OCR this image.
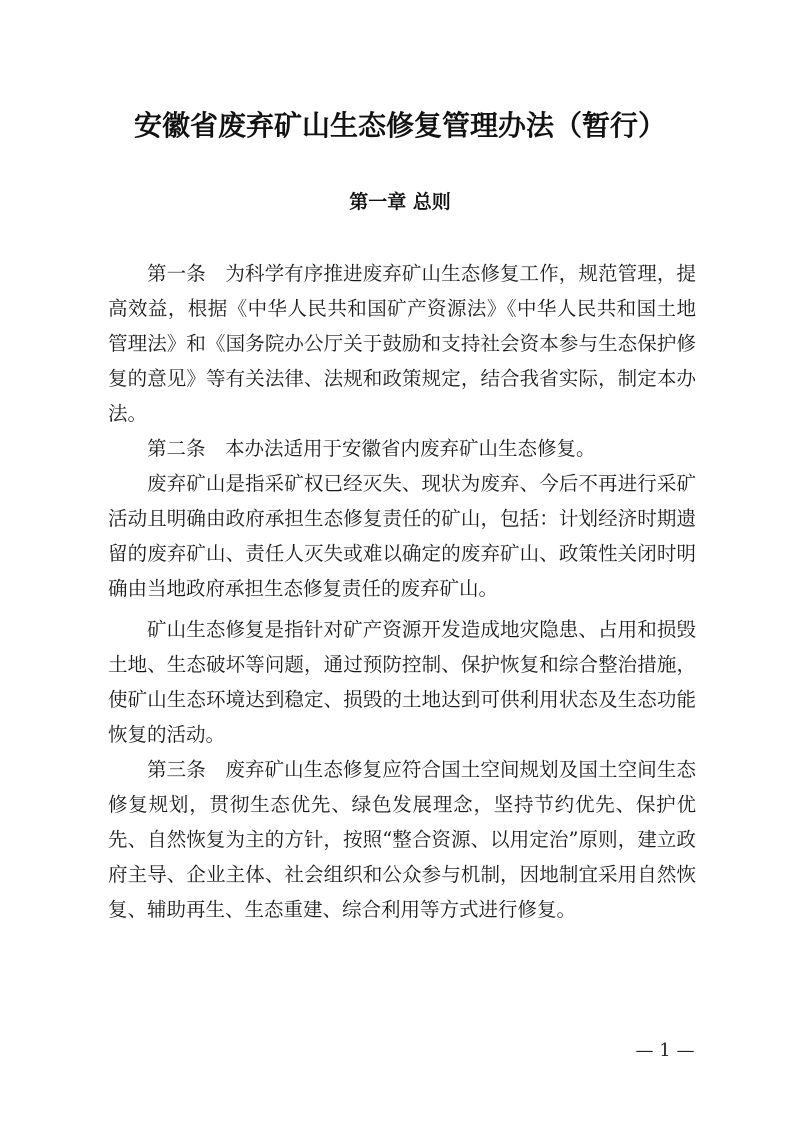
安徽省废弃矿山生态修复管理办法（暂行）
第一章 总则

第一条 为科学有序推进废弃矿山生态修复工作，规范管理，提高效益，根据《中华人民共和国矿产资源法》《中华人民共和国土地管理法》和《国务院办公厅关于鼓励和支持社会资本参与生态保护修复的意见》等有关法律、法规和政策规定，结合我省实际，制定本办法。

第二条 本办法适用于安徽省内废弃矿山生态修复。

废弃矿山是指采矿权已经灭失、现状为废弃、今后不再进行采矿活动且明确由政府承担生态修复责任的矿山，包括：计划经济时期遗留的废弃矿山、责任人灭失或难以确定的废弃矿山、政策性关闭时明确由当地政府承担生态修复责任的废弃矿山。

矿山生态修复是指针对矿产资源开发造成地灾隐患、占用和损毁土地、生态破坏等问题，通过预防控制、保护恢复和综合整治措施，使矿山生态环境达到稳定、损毁的土地达到可供利用状态及生态功能恢复的活动。

第三条 废弃矿山生态修复应符合国土空间规划及国土空间生态修复规划，贯彻生态优先、绿色发展理念，坚持节约优先、保护优先、自然恢复为主的方针，按照“整合资源、以用定治”原则，建立政府主导、企业主体、社会组织和公众参与机制，因地制宜采用自然恢复、辅助再生、生态重建、综合利用等方式进行修复。

— 1 —
